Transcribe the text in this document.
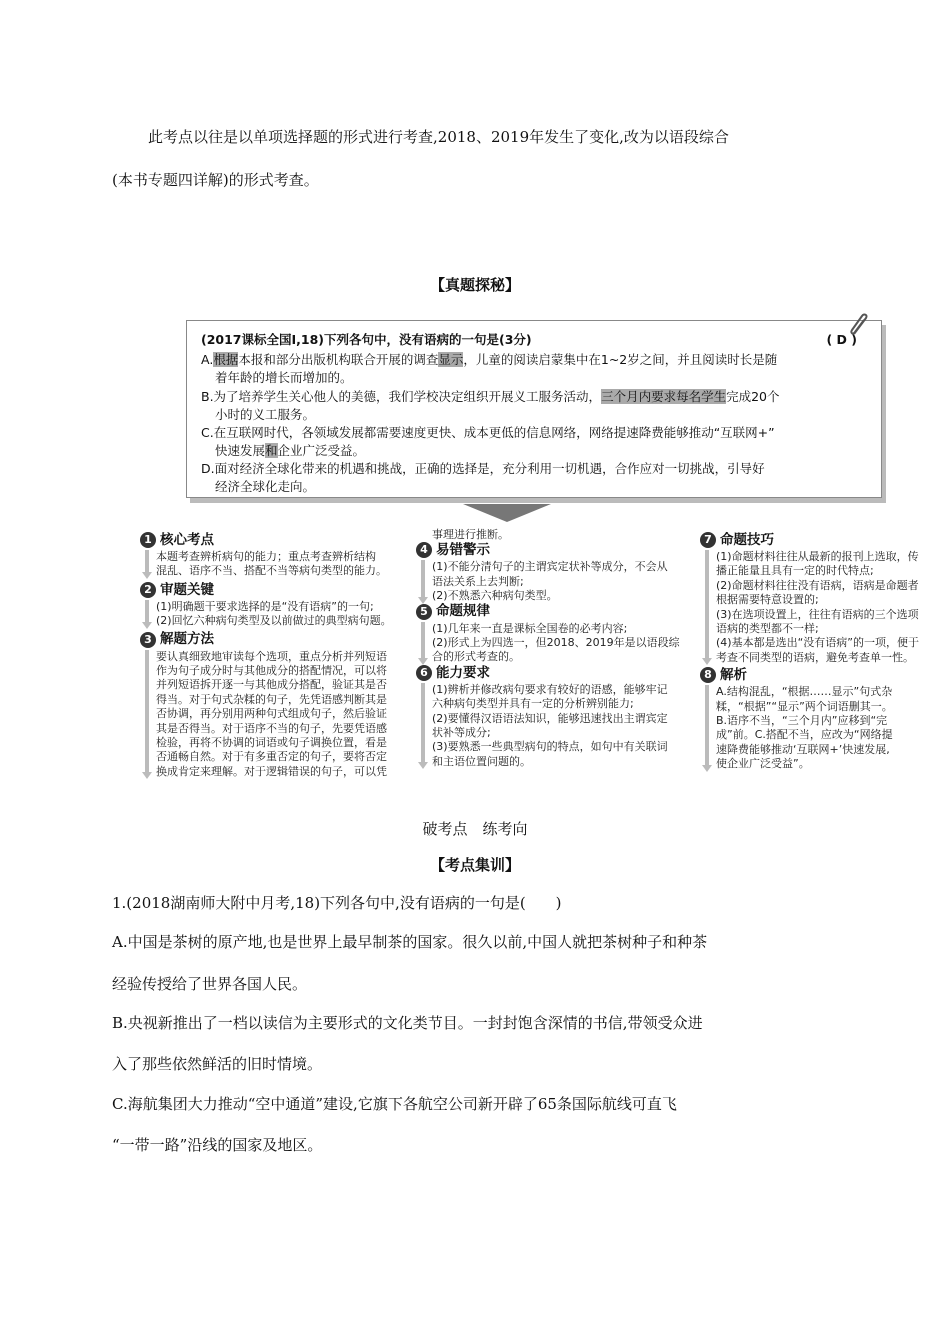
此考点以往是以单项选择题的形式进行考查,2018、2019年发生了变化,改为以语段综合
(本书专题四详解)的形式考查。
【真题探秘】
(2017课标全国Ⅰ,18)下列各句中，没有语病的一句是(3分)	( D )
A.根据本报和部分出版机构联合开展的调查显示，儿童的阅读启蒙集中在1~2岁之间，并且阅读时长是随
着年龄的增长而增加的。
B.为了培养学生关心他人的美德，我们学校决定组织开展义工服务活动，三个月内要求每名学生完成20个
小时的义工服务。
C.在互联网时代，各领域发展都需要速度更快、成本更低的信息网络，网络提速降费能够推动“互联网+”
快速发展和企业广泛受益。
D.面对经济全球化带来的机遇和挑战，正确的选择是，充分利用一切机遇，合作应对一切挑战，引导好
经济全球化走向。
1 核心考点
本题考查辨析病句的能力；重点考查辨析结构
混乱、语序不当、搭配不当等病句类型的能力。
2 审题关键
(1)明确题干要求选择的是“没有语病”的一句;
(2)回忆六种病句类型及以前做过的典型病句题。
3 解题方法
要认真细致地审读每个选项，重点分析并列短语
作为句子成分时与其他成分的搭配情况，可以将
并列短语拆开逐一与其他成分搭配，验证其是否
得当。对于句式杂糅的句子，先凭语感判断其是
否协调，再分别用两种句式组成句子，然后验证
其是否得当。对于语序不当的句子，先要凭语感
检验，再将不协调的词语或句子调换位置，看是
否通畅自然。对于有多重否定的句子，要将否定
换成肯定来理解。对于逻辑错误的句子，可以凭
事理进行推断。
4 易错警示
(1)不能分清句子的主谓宾定状补等成分，不会从
语法关系上去判断;
(2)不熟悉六种病句类型。
5 命题规律
(1)几年来一直是课标全国卷的必考内容;
(2)形式上为四选一，但2018、2019年是以语段综
合的形式考查的。
6 能力要求
(1)辨析并修改病句要求有较好的语感，能够牢记
六种病句类型并具有一定的分析辨别能力;
(2)要懂得汉语语法知识，能够迅速找出主谓宾定
状补等成分;
(3)要熟悉一些典型病句的特点，如句中有关联词
和主语位置问题的。
7 命题技巧
(1)命题材料往往从最新的报刊上选取，传
播正能量且具有一定的时代特点;
(2)命题材料往往没有语病，语病是命题者
根据需要特意设置的;
(3)在选项设置上，往往有语病的三个选项
语病的类型都不一样;
(4)基本都是选出“没有语病”的一项，便于
考查不同类型的语病，避免考查单一性。
8 解析
A.结构混乱，“根据……显示”句式杂
糅，“根据”“显示”两个词语删其一。
B.语序不当，“三个月内”应移到“完
成”前。C.搭配不当，应改为“网络提
速降费能够推动‘互联网+’快速发展,
使企业广泛受益”。
破考点　练考向
【考点集训】
1.(2018湖南师大附中月考,18)下列各句中,没有语病的一句是(　　)
A.中国是茶树的原产地,也是世界上最早制茶的国家。很久以前,中国人就把茶树种子和种茶
经验传授给了世界各国人民。
B.央视新推出了一档以读信为主要形式的文化类节目。一封封饱含深情的书信,带领受众进
入了那些依然鲜活的旧时情境。
C.海航集团大力推动“空中通道”建设,它旗下各航空公司新开辟了65条国际航线可直飞
“一带一路”沿线的国家及地区。
